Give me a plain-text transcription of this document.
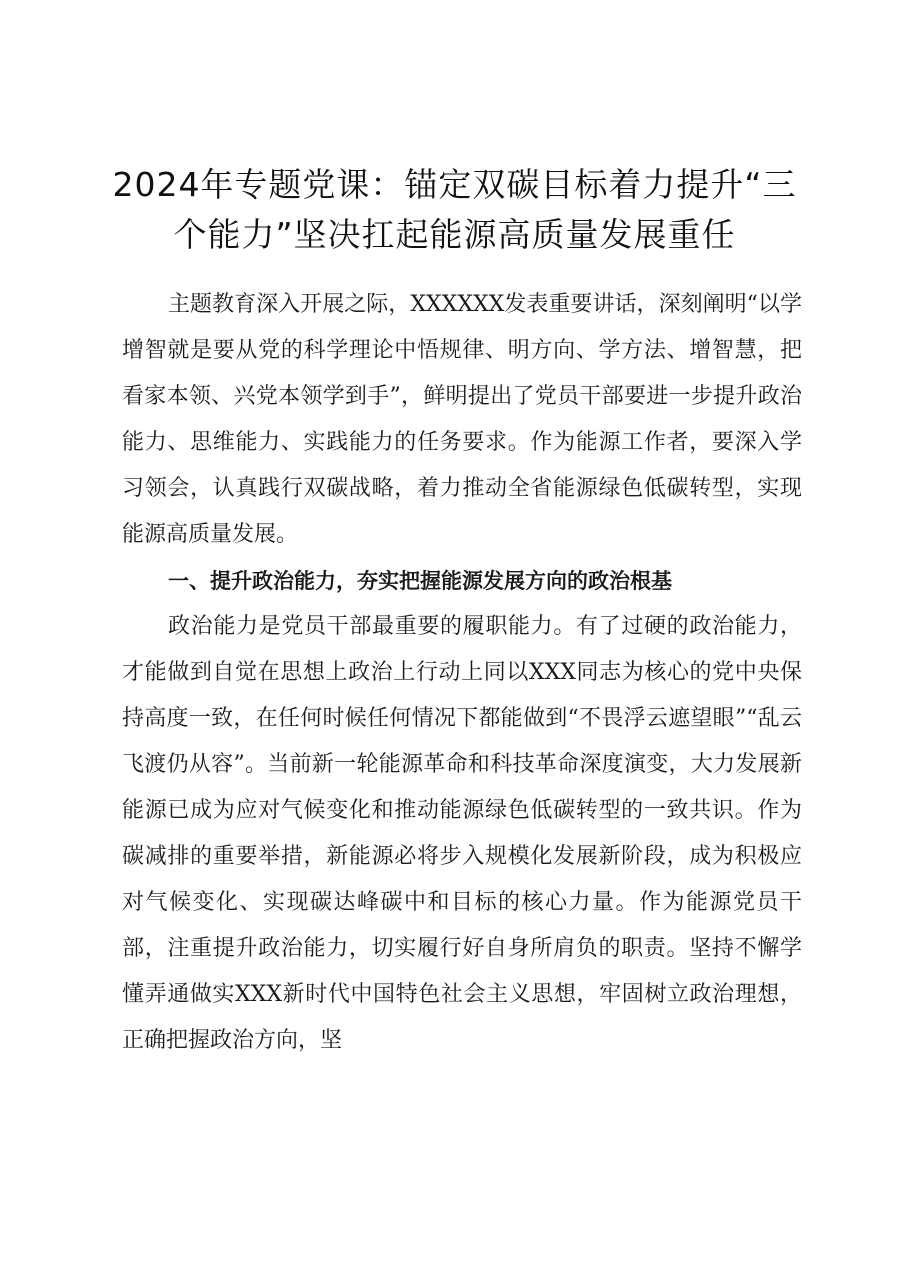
2024年专题党课：锚定双碳目标着力提升“三
个能力”坚决扛起能源高质量发展重任

主题教育深入开展之际，XXXXXX发表重要讲话，深刻阐明“以学增智就是要从党的科学理论中悟规律、明方向、学方法、增智慧，把看家本领、兴党本领学到手”，鲜明提出了党员干部要进一步提升政治能力、思维能力、实践能力的任务要求。作为能源工作者，要深入学习领会，认真践行双碳战略，着力推动全省能源绿色低碳转型，实现能源高质量发展。

一、提升政治能力，夯实把握能源发展方向的政治根基

政治能力是党员干部最重要的履职能力。有了过硬的政治能力，才能做到自觉在思想上政治上行动上同以XXX同志为核心的党中央保持高度一致，在任何时候任何情况下都能做到“不畏浮云遮望眼”“乱云飞渡仍从容”。当前新一轮能源革命和科技革命深度演变，大力发展新能源已成为应对气候变化和推动能源绿色低碳转型的一致共识。作为碳减排的重要举措，新能源必将步入规模化发展新阶段，成为积极应对气候变化、实现碳达峰碳中和目标的核心力量。作为能源党员干部，注重提升政治能力，切实履行好自身所肩负的职责。坚持不懈学懂弄通做实XXX新时代中国特色社会主义思想，牢固树立政治理想，正确把握政治方向，坚
